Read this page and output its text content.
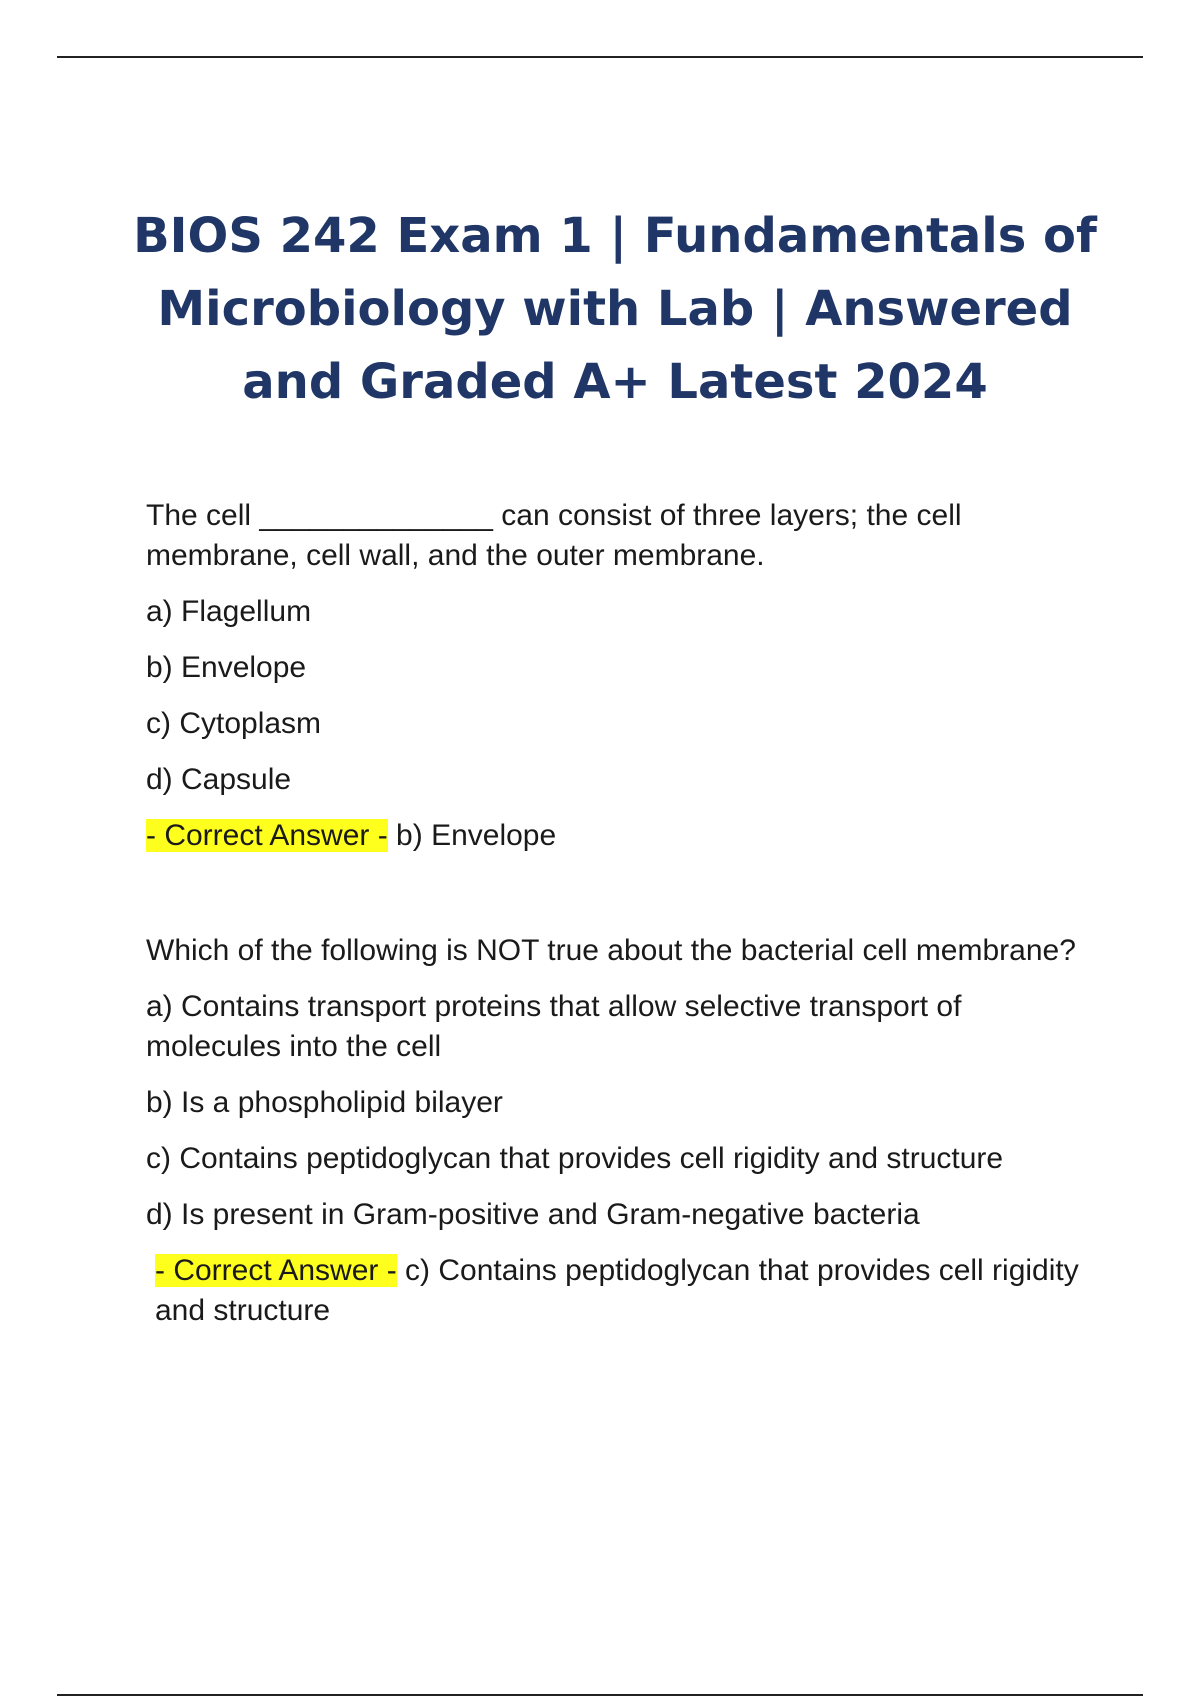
BIOS 242 Exam 1 | Fundamentals of Microbiology with Lab | Answered and Graded A+ Latest 2024

The cell ______________ can consist of three layers; the cell membrane, cell wall, and the outer membrane.

a) Flagellum

b) Envelope

c) Cytoplasm

d) Capsule

- Correct Answer - b) Envelope

Which of the following is NOT true about the bacterial cell membrane?

a) Contains transport proteins that allow selective transport of molecules into the cell

b) Is a phospholipid bilayer

c) Contains peptidoglycan that provides cell rigidity and structure

d) Is present in Gram-positive and Gram-negative bacteria

- Correct Answer - c) Contains peptidoglycan that provides cell rigidity and structure
